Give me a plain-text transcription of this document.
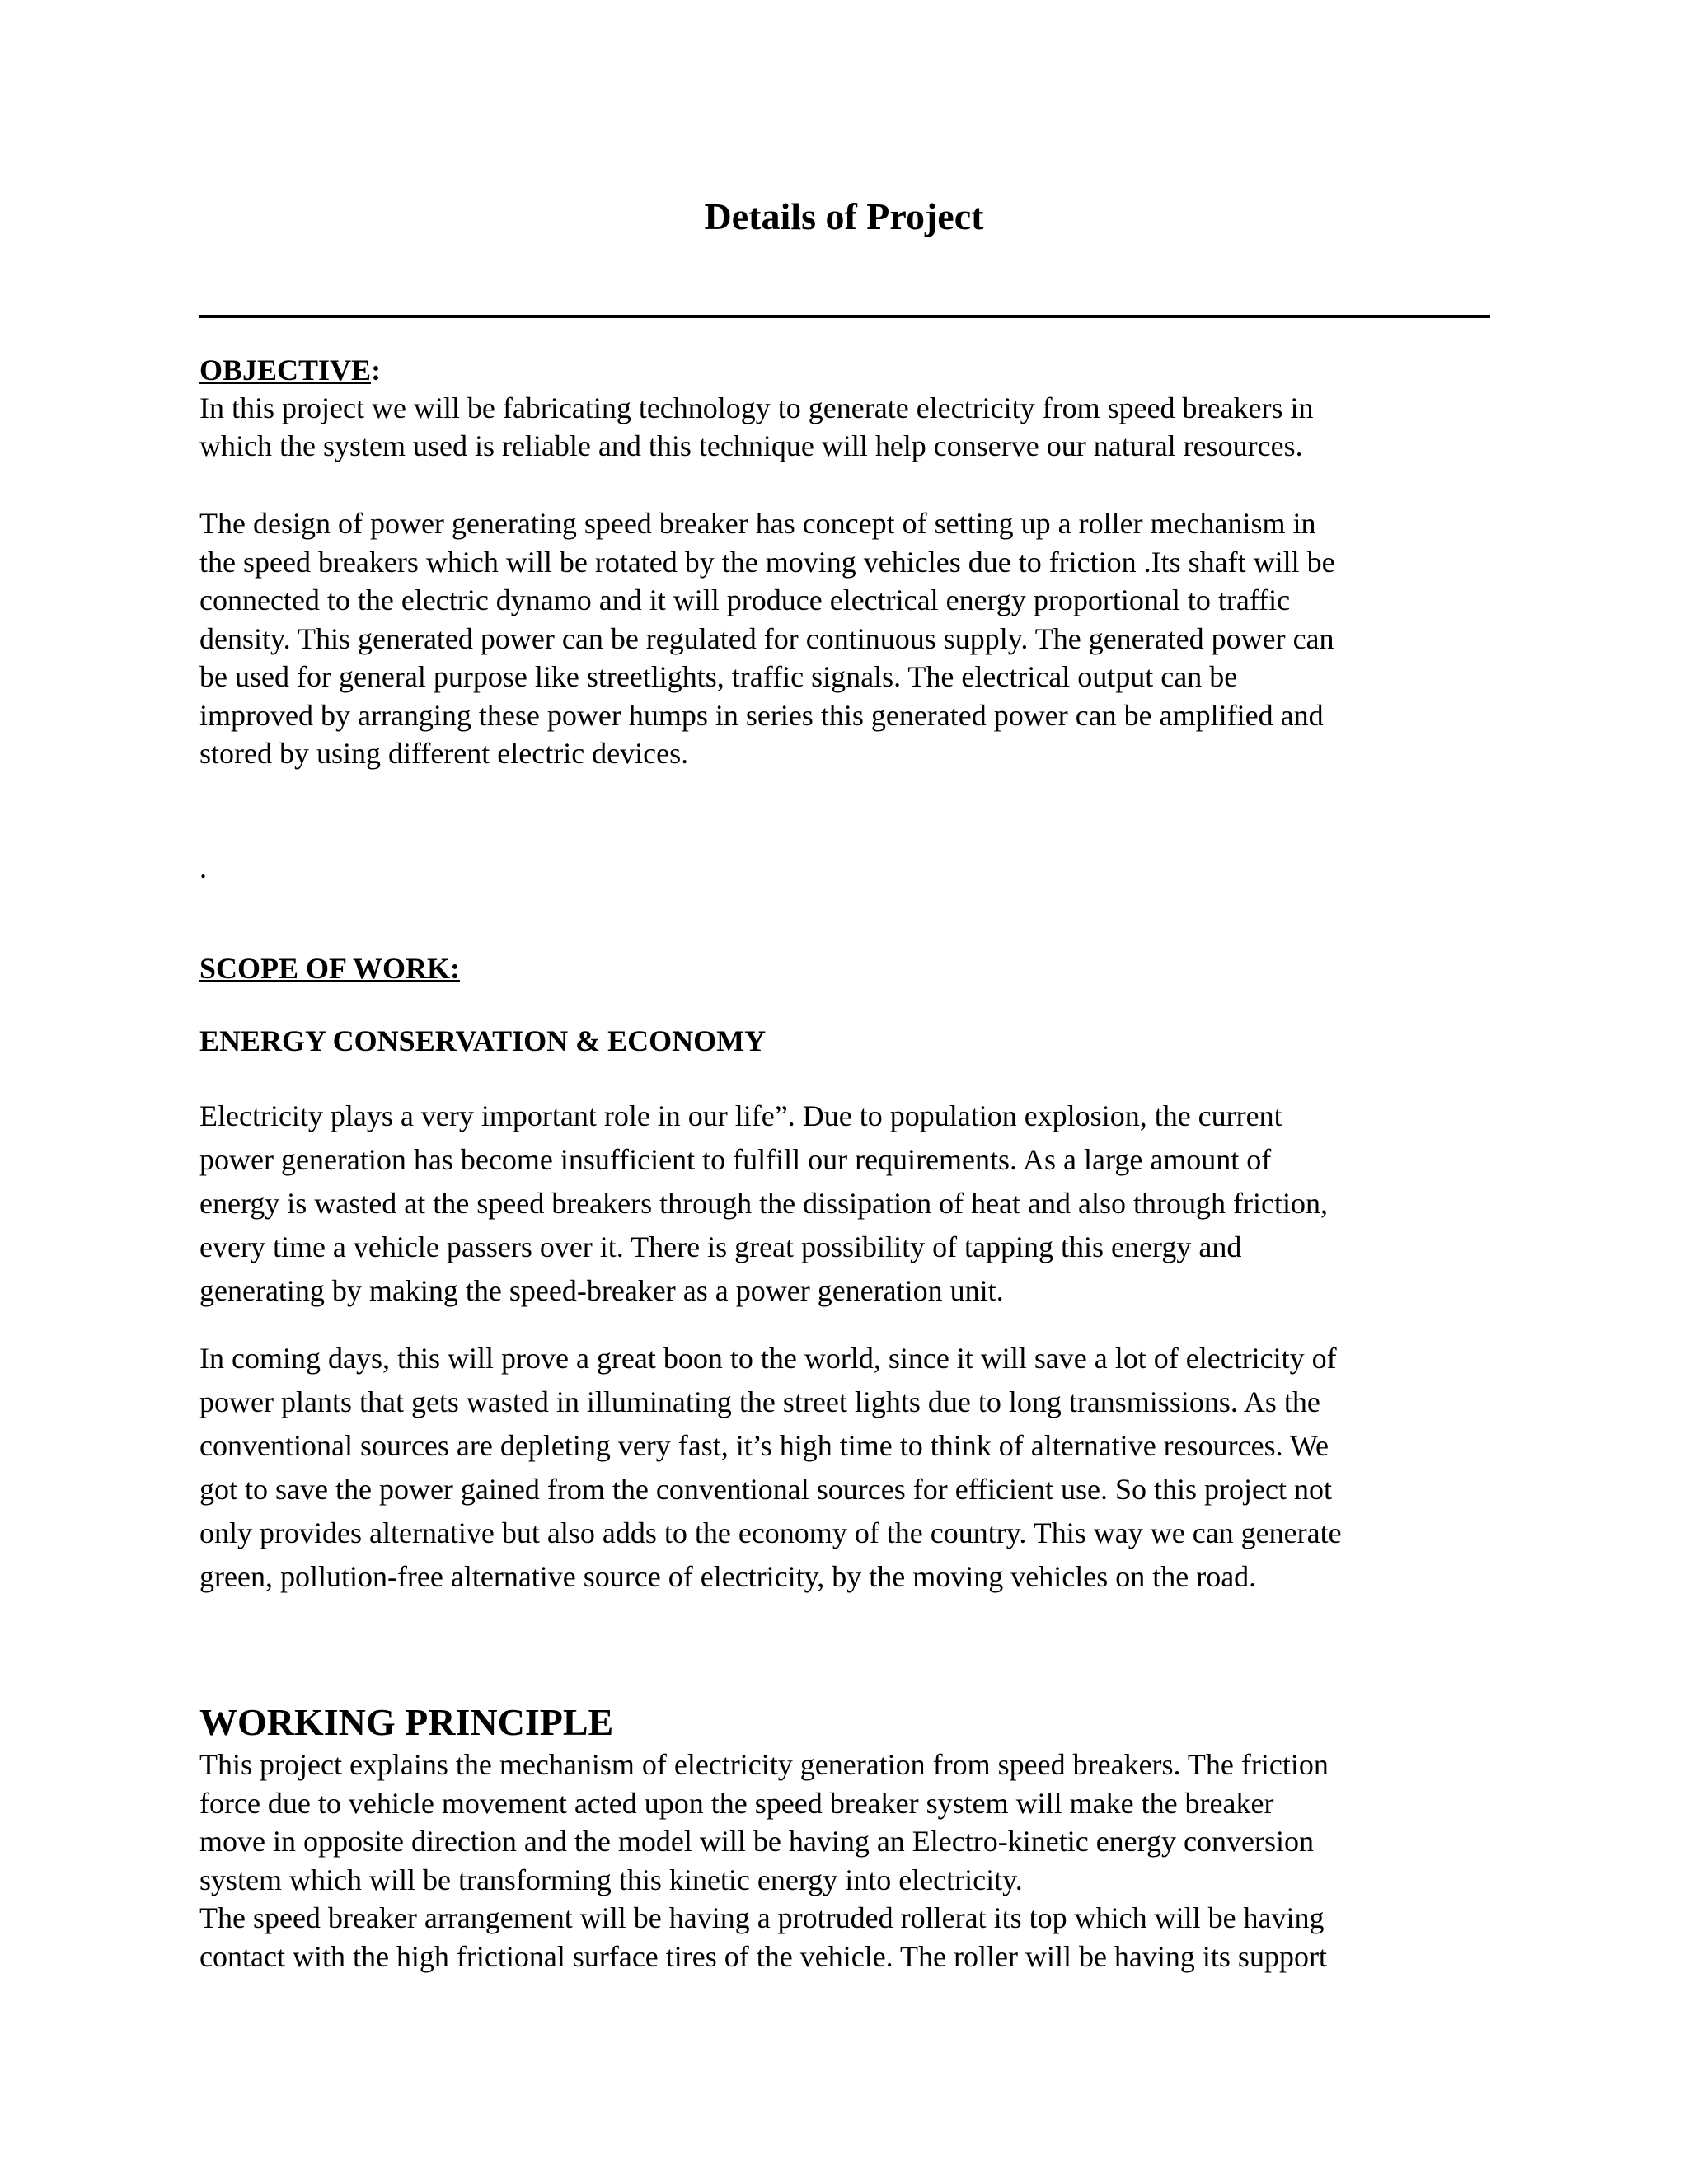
Details of Project

OBJECTIVE:

In this project we will be fabricating technology to generate electricity from speed breakers in

which the system used is reliable and this technique will help conserve our natural resources.

The design of power generating speed breaker has concept of setting up a roller mechanism in

the speed breakers which will be rotated by the moving vehicles due to friction .Its shaft will be

connected to the electric dynamo and it will produce electrical energy proportional to traffic

density. This generated power can be regulated for continuous supply. The generated power can

be used for general purpose like streetlights, traffic signals. The electrical output can be

improved by arranging these power humps in series this generated power can be amplified and

stored by using different electric devices.

.
SCOPE OF WORK:

ENERGY CONSERVATION & ECONOMY

Electricity plays a very important role in our life”. Due to population explosion, the current

power generation has become insufficient to fulfill our requirements. As a large amount of

energy is wasted at the speed breakers through the dissipation of heat and also through friction,

every time a vehicle passers over it. There is great possibility of tapping this energy and

generating by making the speed-breaker as a power generation unit.

In coming days, this will prove a great boon to the world, since it will save a lot of electricity of

power plants that gets wasted in illuminating the street lights due to long transmissions. As the

conventional sources are depleting very fast, it’s high time to think of alternative resources. We

got to save the power gained from the conventional sources for efficient use. So this project not

only provides alternative but also adds to the economy of the country. This way we can generate

green, pollution-free alternative source of electricity, by the moving vehicles on the road.

WORKING PRINCIPLE

This project explains the mechanism of electricity generation from speed breakers. The friction

force due to vehicle movement acted upon the speed breaker system will make the breaker

move in opposite direction and the model will be having an Electro-kinetic energy conversion

system which will be transforming this kinetic energy into electricity.

The speed breaker arrangement will be having a protruded rollerat its top which will be having

contact with the high frictional surface tires of the vehicle. The roller will be having its support
